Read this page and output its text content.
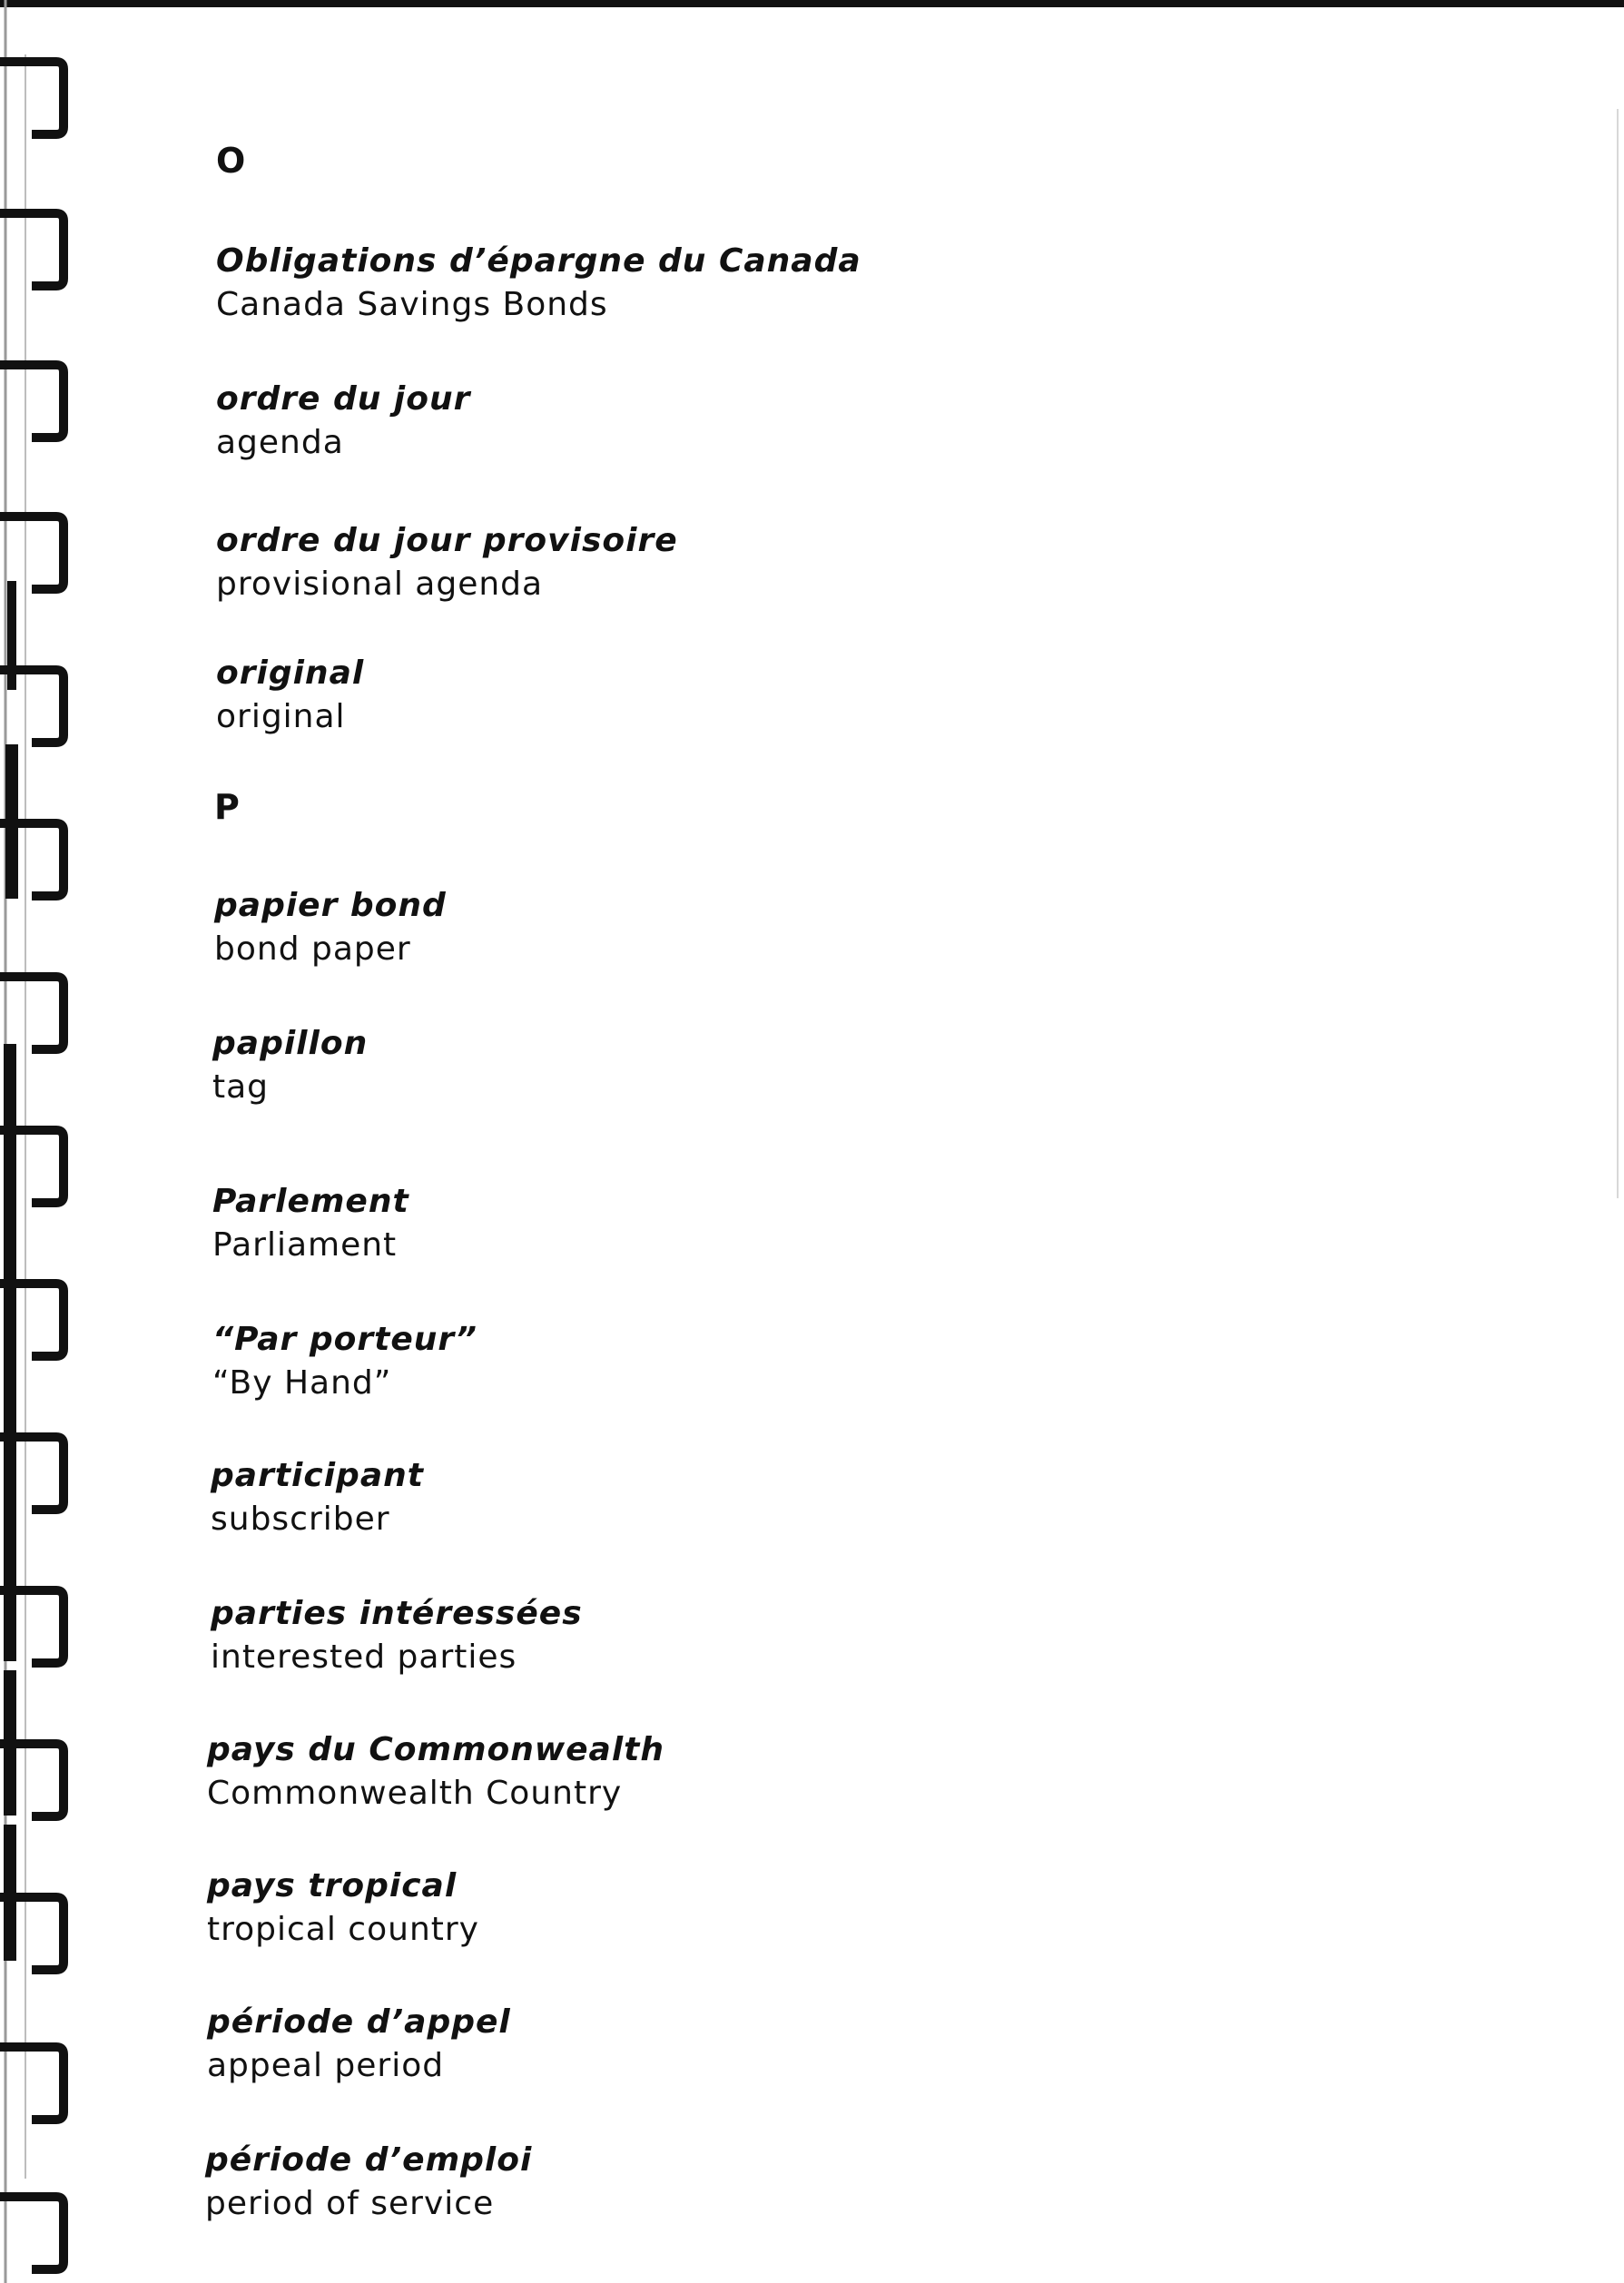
O
Obligations d’épargne du Canada
Canada Savings Bonds
ordre du jour
agenda
ordre du jour provisoire
provisional agenda
original
original
P
papier bond
bond paper
papillon
tag
Parlement
Parliament
“Par porteur”
“By Hand”
participant
subscriber
parties intéressées
interested parties
pays du Commonwealth
Commonwealth Country
pays tropical
tropical country
période d’appel
appeal period
période d’emploi
period of service
